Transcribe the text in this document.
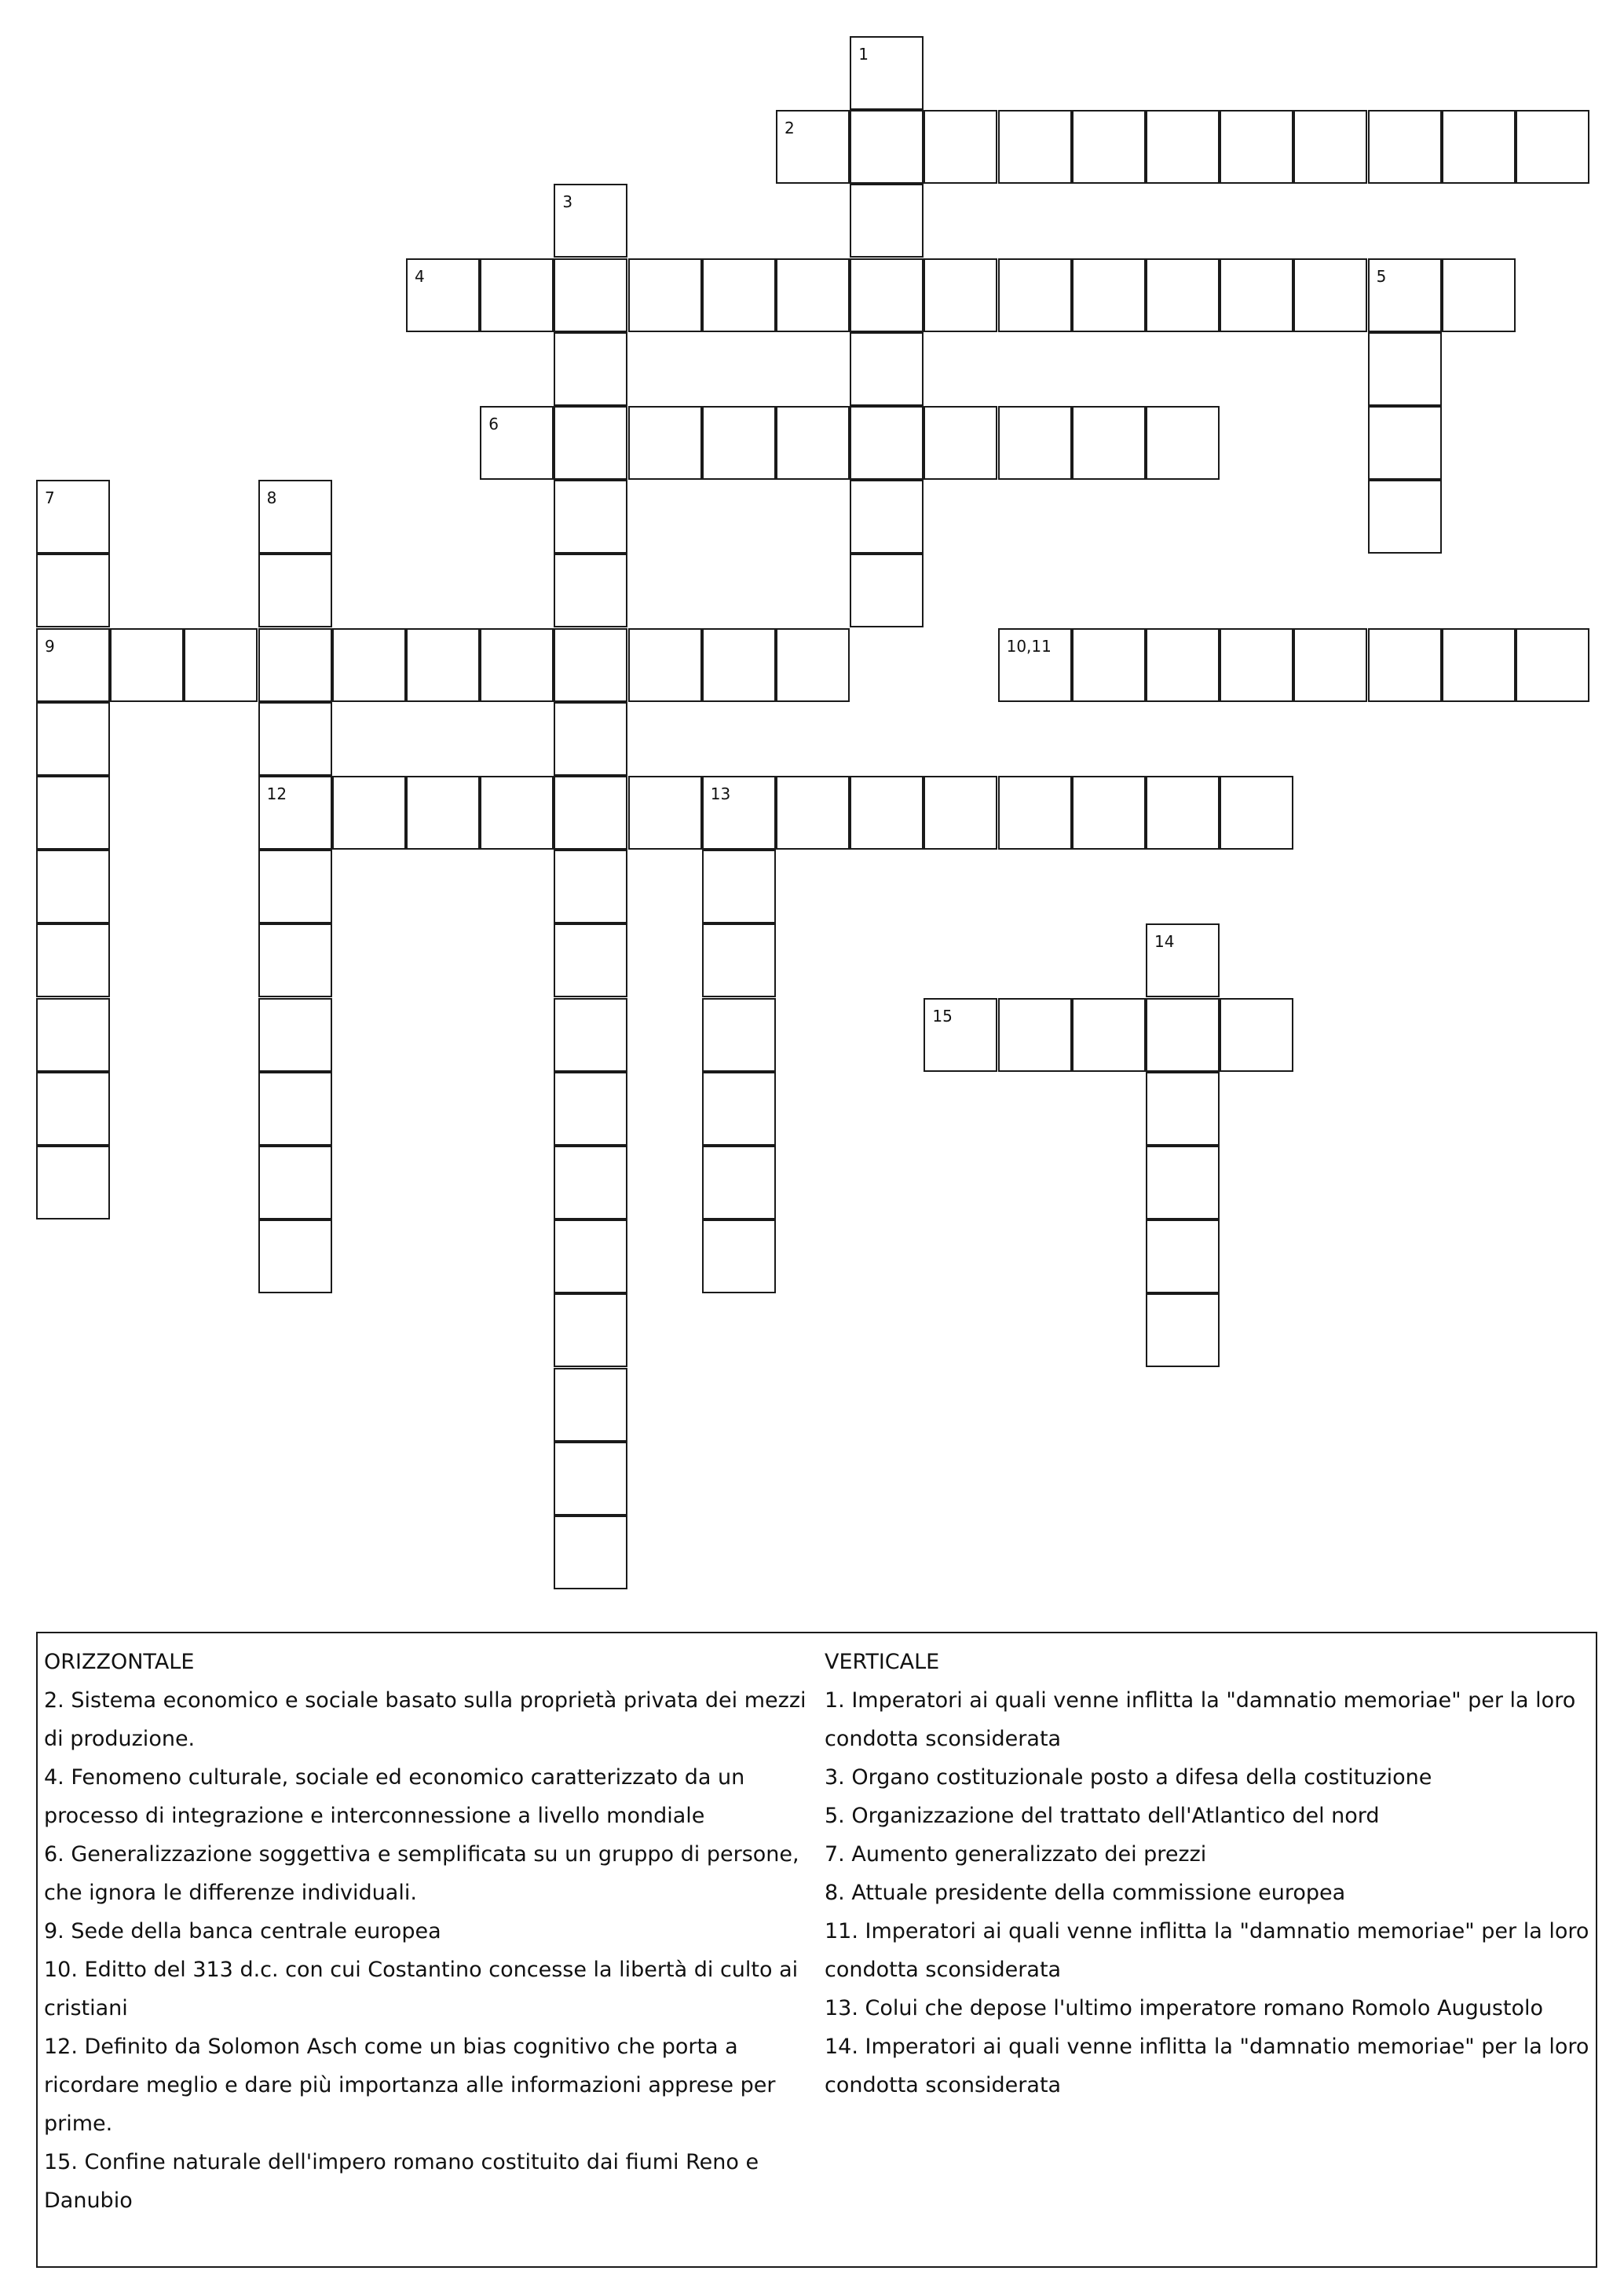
2
4
6
9	10,11
12
15
1
3
5
7	8
13
14

ORIZZONTALE

2. Sistema economico e sociale basato sulla proprietà privata dei mezzi di produzione.

4. Fenomeno culturale, sociale ed economico caratterizzato da un processo di integrazione e interconnessione a livello mondiale

6. Generalizzazione soggettiva e semplificata su un gruppo di persone, che ignora le differenze individuali.

9. Sede della banca centrale europea

10. Editto del 313 d.c. con cui Costantino concesse la libertà di culto ai cristiani

12. Definito da Solomon Asch come un bias cognitivo che porta a ricordare meglio e dare più importanza alle informazioni apprese per prime.

15. Confine naturale dell'impero romano costituito dai fiumi Reno e Danubio

VERTICALE

1. Imperatori ai quali venne inflitta la "damnatio memoriae" per la loro condotta sconsiderata

3. Organo costituzionale posto a difesa della costituzione

5. Organizzazione del trattato dell'Atlantico del nord

7. Aumento generalizzato dei prezzi

8. Attuale presidente della commissione europea

11. Imperatori ai quali venne inflitta la "damnatio memoriae" per la loro condotta sconsiderata

13. Colui che depose l'ultimo imperatore romano Romolo Augustolo

14. Imperatori ai quali venne inflitta la "damnatio memoriae" per la loro condotta sconsiderata
